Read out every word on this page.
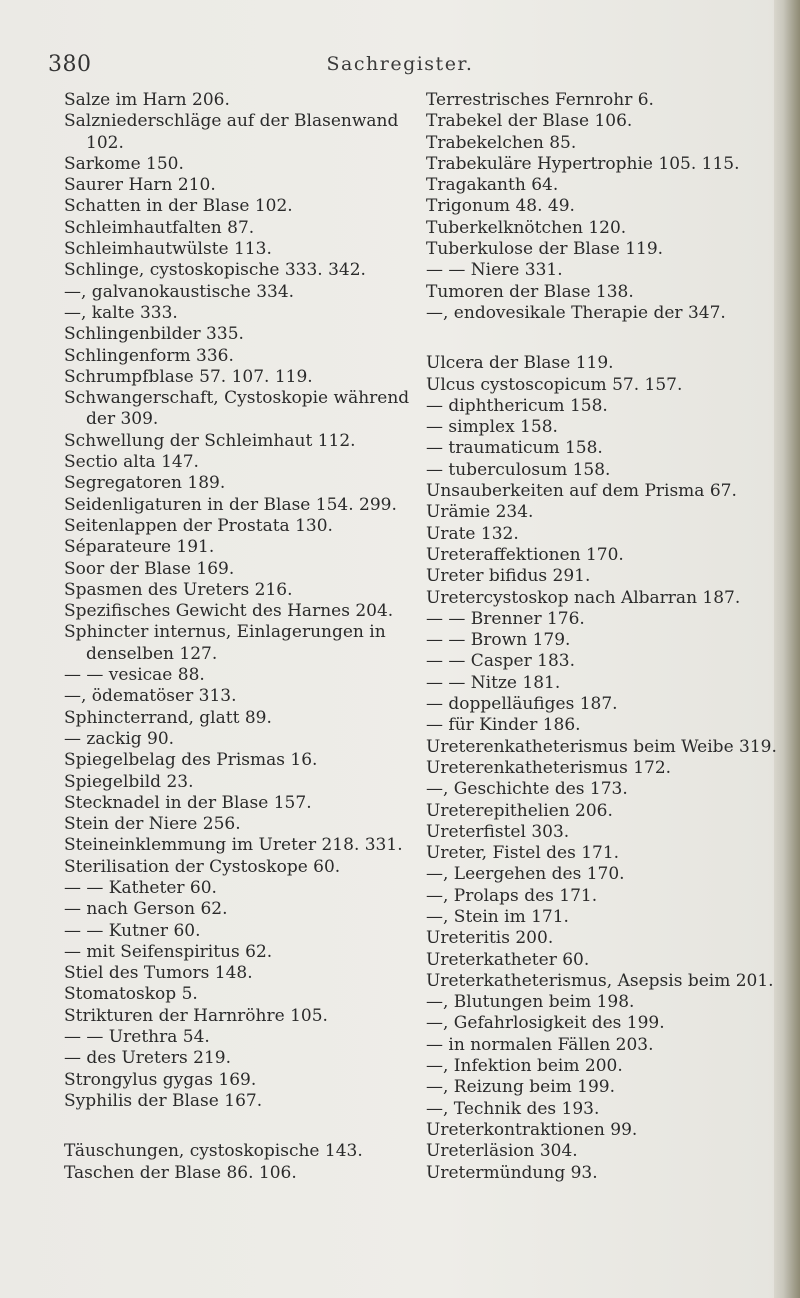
380	Sachregister.
Salze im Harn 206.
Salzniederschläge auf der Blasenwand
102.
Sarkome 150.
Saurer Harn 210.
Schatten in der Blase 102.
Schleimhautfalten 87.
Schleimhautwülste 113.
Schlinge, cystoskopische 333. 342.
—, galvanokaustische 334.
—, kalte 333.
Schlingenbilder 335.
Schlingenform 336.
Schrumpfblase 57. 107. 119.
Schwangerschaft, Cystoskopie während
der 309.
Schwellung der Schleimhaut 112.
Sectio alta 147.
Segregatoren 189.
Seidenligaturen in der Blase 154. 299.
Seitenlappen der Prostata 130.
Séparateure 191.
Soor der Blase 169.
Spasmen des Ureters 216.
Spezifisches Gewicht des Harnes 204.
Sphincter internus, Einlagerungen in
denselben 127.
— — vesicae 88.
—, ödematöser 313.
Sphincterrand, glatt 89.
— zackig 90.
Spiegelbelag des Prismas 16.
Spiegelbild 23.
Stecknadel in der Blase 157.
Stein der Niere 256.
Steineinklemmung im Ureter 218. 331.
Sterilisation der Cystoskope 60.
— — Katheter 60.
— nach Gerson 62.
— — Kutner 60.
— mit Seifenspiritus 62.
Stiel des Tumors 148.
Stomatoskop 5.
Strikturen der Harnröhre 105.
— — Urethra 54.
— des Ureters 219.
Strongylus gygas 169.
Syphilis der Blase 167.
Täuschungen, cystoskopische 143.
Taschen der Blase 86. 106.
Terrestrisches Fernrohr 6.
Trabekel der Blase 106.
Trabekelchen 85.
Trabekuläre Hypertrophie 105. 115.
Tragakanth 64.
Trigonum 48. 49.
Tuberkelknötchen 120.
Tuberkulose der Blase 119.
— — Niere 331.
Tumoren der Blase 138.
—, endovesikale Therapie der 347.
Ulcera der Blase 119.
Ulcus cystoscopicum 57. 157.
— diphthericum 158.
— simplex 158.
— traumaticum 158.
— tuberculosum 158.
Unsauberkeiten auf dem Prisma 67.
Urämie 234.
Urate 132.
Ureteraffektionen 170.
Ureter bifidus 291.
Uretercystoskop nach Albarran 187.
— — Brenner 176.
— — Brown 179.
— — Casper 183.
— — Nitze 181.
— doppelläufiges 187.
— für Kinder 186.
Ureterenkatheterismus beim Weibe 319.
Ureterenkatheterismus 172.
—, Geschichte des 173.
Ureterepithelien 206.
Ureterfistel 303.
Ureter, Fistel des 171.
—, Leergehen des 170.
—, Prolaps des 171.
—, Stein im 171.
Ureteritis 200.
Ureterkatheter 60.
Ureterkatheterismus, Asepsis beim 201.
—, Blutungen beim 198.
—, Gefahrlosigkeit des 199.
— in normalen Fällen 203.
—, Infektion beim 200.
—, Reizung beim 199.
—, Technik des 193.
Ureterkontraktionen 99.
Ureterläsion 304.
Uretermündung 93.
